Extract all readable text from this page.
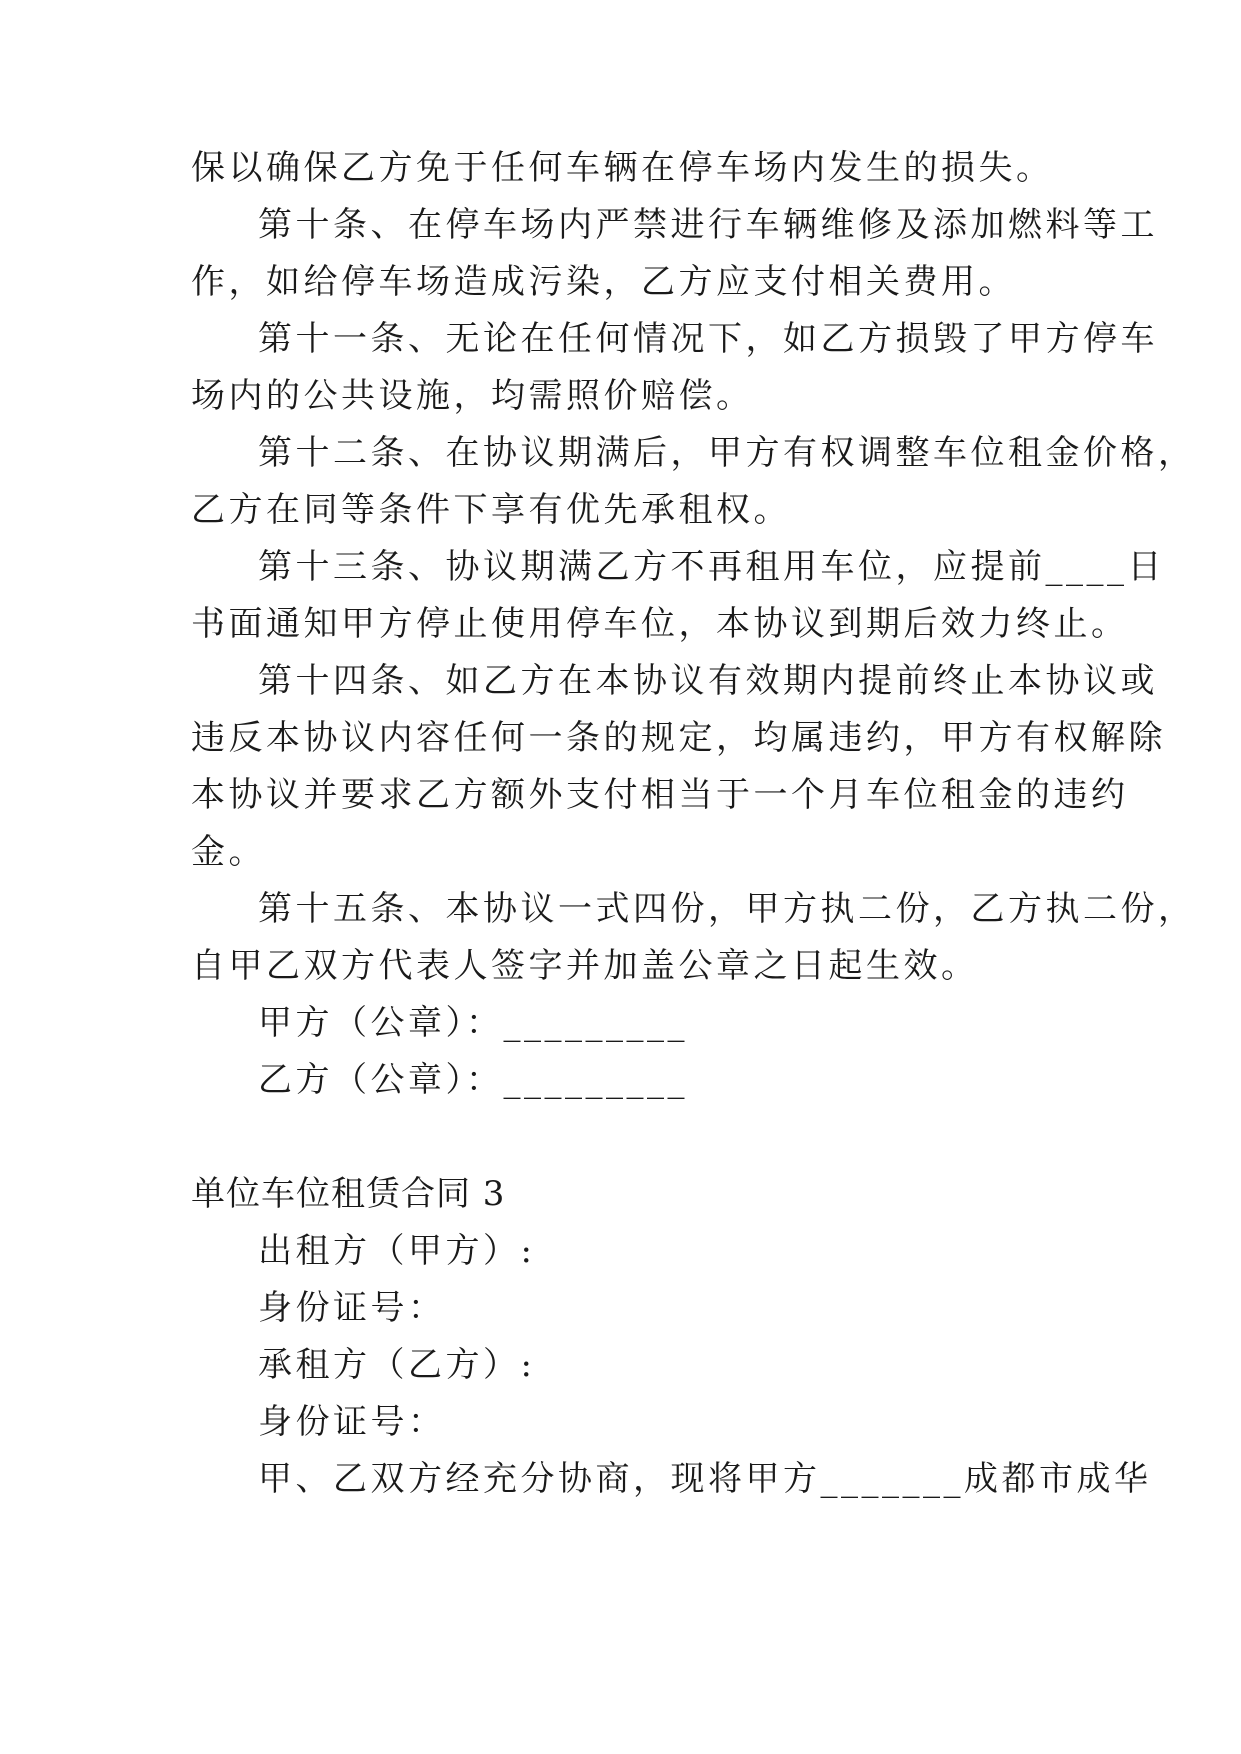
保以确保乙方免于任何车辆在停车场内发生的损失。
第十条、在停车场内严禁进行车辆维修及添加燃料等工
作，如给停车场造成污染，乙方应支付相关费用。
第十一条、无论在任何情况下，如乙方损毁了甲方停车
场内的公共设施，均需照价赔偿。
第十二条、在协议期满后，甲方有权调整车位租金价格，
乙方在同等条件下享有优先承租权。
第十三条、协议期满乙方不再租用车位，应提前____日
书面通知甲方停止使用停车位，本协议到期后效力终止。
第十四条、如乙方在本协议有效期内提前终止本协议或
违反本协议内容任何一条的规定，均属违约，甲方有权解除
本协议并要求乙方额外支付相当于一个月车位租金的违约
金。
第十五条、本协议一式四份，甲方执二份，乙方执二份，
自甲乙双方代表人签字并加盖公章之日起生效。
甲方（公章）：_________
乙方（公章）：_________
单位车位租赁合同 3
出租方（甲方）:
身份证号：
承租方（乙方）:
身份证号：
甲、乙双方经充分协商，现将甲方_______成都市成华
